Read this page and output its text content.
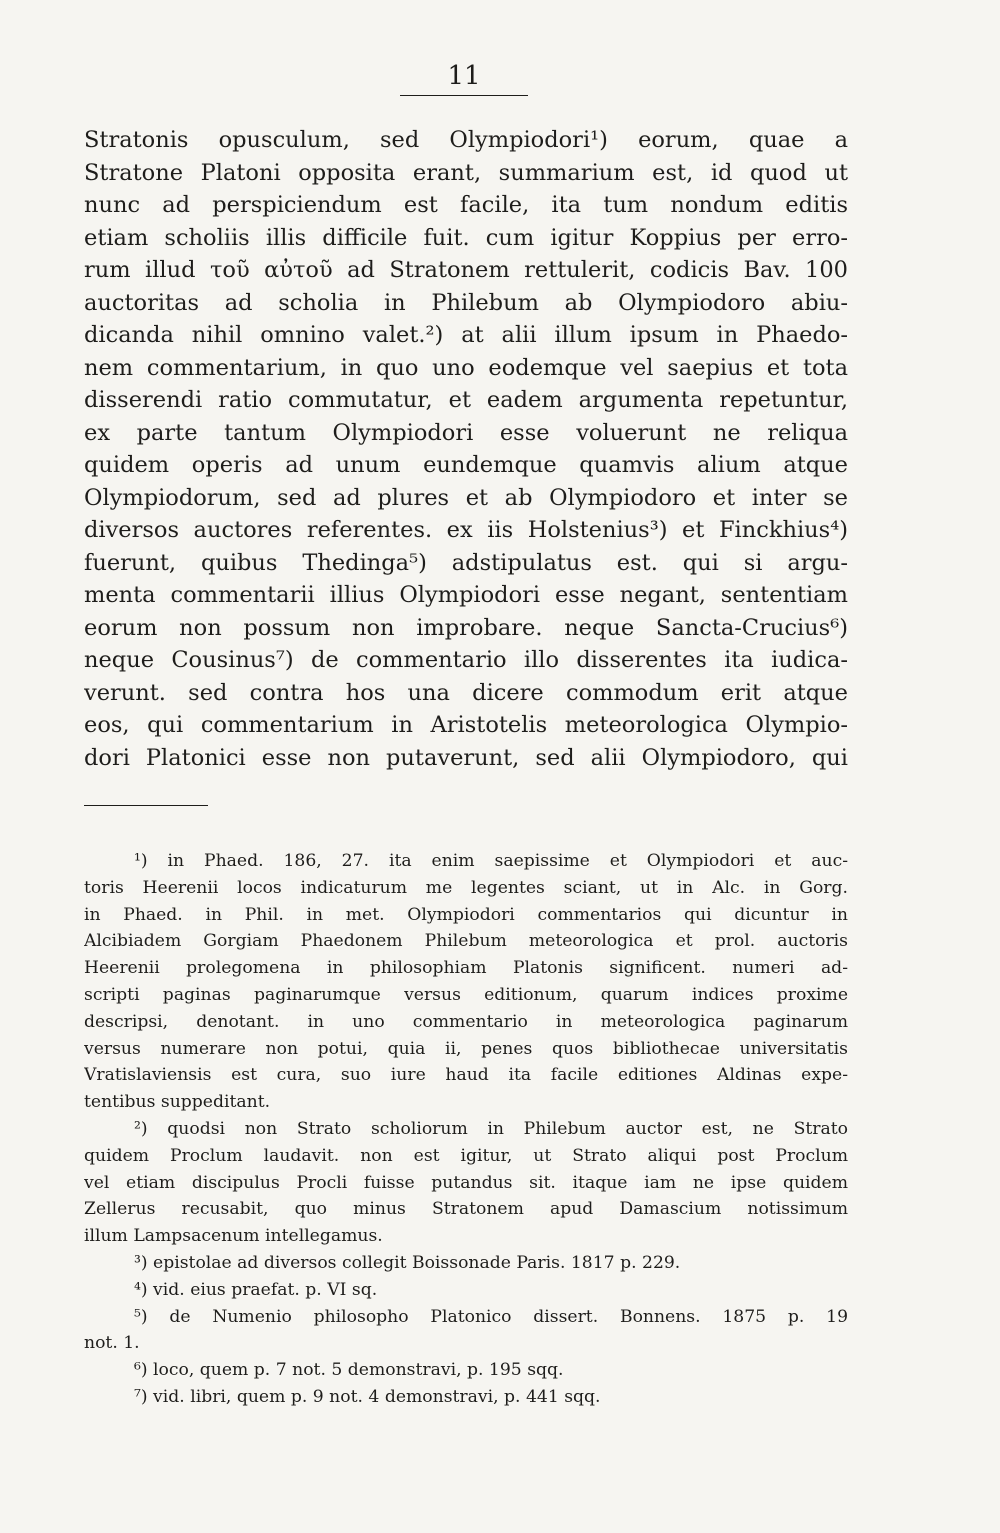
11
Stratonis opusculum, sed Olympiodori¹) eorum, quae a
Stratone Platoni opposita erant, summarium est, id quod ut
nunc ad perspiciendum est facile, ita tum nondum editis
etiam scholiis illis difficile fuit. cum igitur Koppius per erro-
rum illud τοῦ αὐτοῦ ad Stratonem rettulerit, codicis Bav. 100
auctoritas ad scholia in Philebum ab Olympiodoro abiu-
dicanda nihil omnino valet.²) at alii illum ipsum in Phaedo-
nem commentarium, in quo uno eodemque vel saepius et tota
disserendi ratio commutatur, et eadem argumenta repetuntur,
ex parte tantum Olympiodori esse voluerunt ne reliqua
quidem operis ad unum eundemque quamvis alium atque
Olympiodorum, sed ad plures et ab Olympiodoro et inter se
diversos auctores referentes. ex iis Holstenius³) et Finckhius⁴)
fuerunt, quibus Thedinga⁵) adstipulatus est. qui si argu-
menta commentarii illius Olympiodori esse negant, sententiam
eorum non possum non improbare. neque Sancta-Crucius⁶)
neque Cousinus⁷) de commentario illo disserentes ita iudica-
verunt. sed contra hos una dicere commodum erit atque
eos, qui commentarium in Aristotelis meteorologica Olympio-
dori Platonici esse non putaverunt, sed alii Olympiodoro, qui
¹) in Phaed. 186, 27. ita enim saepissime et Olympiodori et auc-
toris Heerenii locos indicaturum me legentes sciant, ut in Alc. in Gorg.
in Phaed. in Phil. in met. Olympiodori commentarios qui dicuntur in
Alcibiadem Gorgiam Phaedonem Philebum meteorologica et prol. auctoris
Heerenii prolegomena in philosophiam Platonis significent. numeri ad-
scripti paginas paginarumque versus editionum, quarum indices proxime
descripsi, denotant. in uno commentario in meteorologica paginarum
versus numerare non potui, quia ii, penes quos bibliothecae universitatis
Vratislaviensis est cura, suo iure haud ita facile editiones Aldinas expe-
tentibus suppeditant.
²) quodsi non Strato scholiorum in Philebum auctor est, ne Strato
quidem Proclum laudavit. non est igitur, ut Strato aliqui post Proclum
vel etiam discipulus Procli fuisse putandus sit. itaque iam ne ipse quidem
Zellerus recusabit, quo minus Stratonem apud Damascium notissimum
illum Lampsacenum intellegamus.
³) epistolae ad diversos collegit Boissonade Paris. 1817 p. 229.
⁴) vid. eius praefat. p. VI sq.
⁵) de Numenio philosopho Platonico dissert. Bonnens. 1875 p. 19
not. 1.
⁶) loco, quem p. 7 not. 5 demonstravi, p. 195 sqq.
⁷) vid. libri, quem p. 9 not. 4 demonstravi, p. 441 sqq.
